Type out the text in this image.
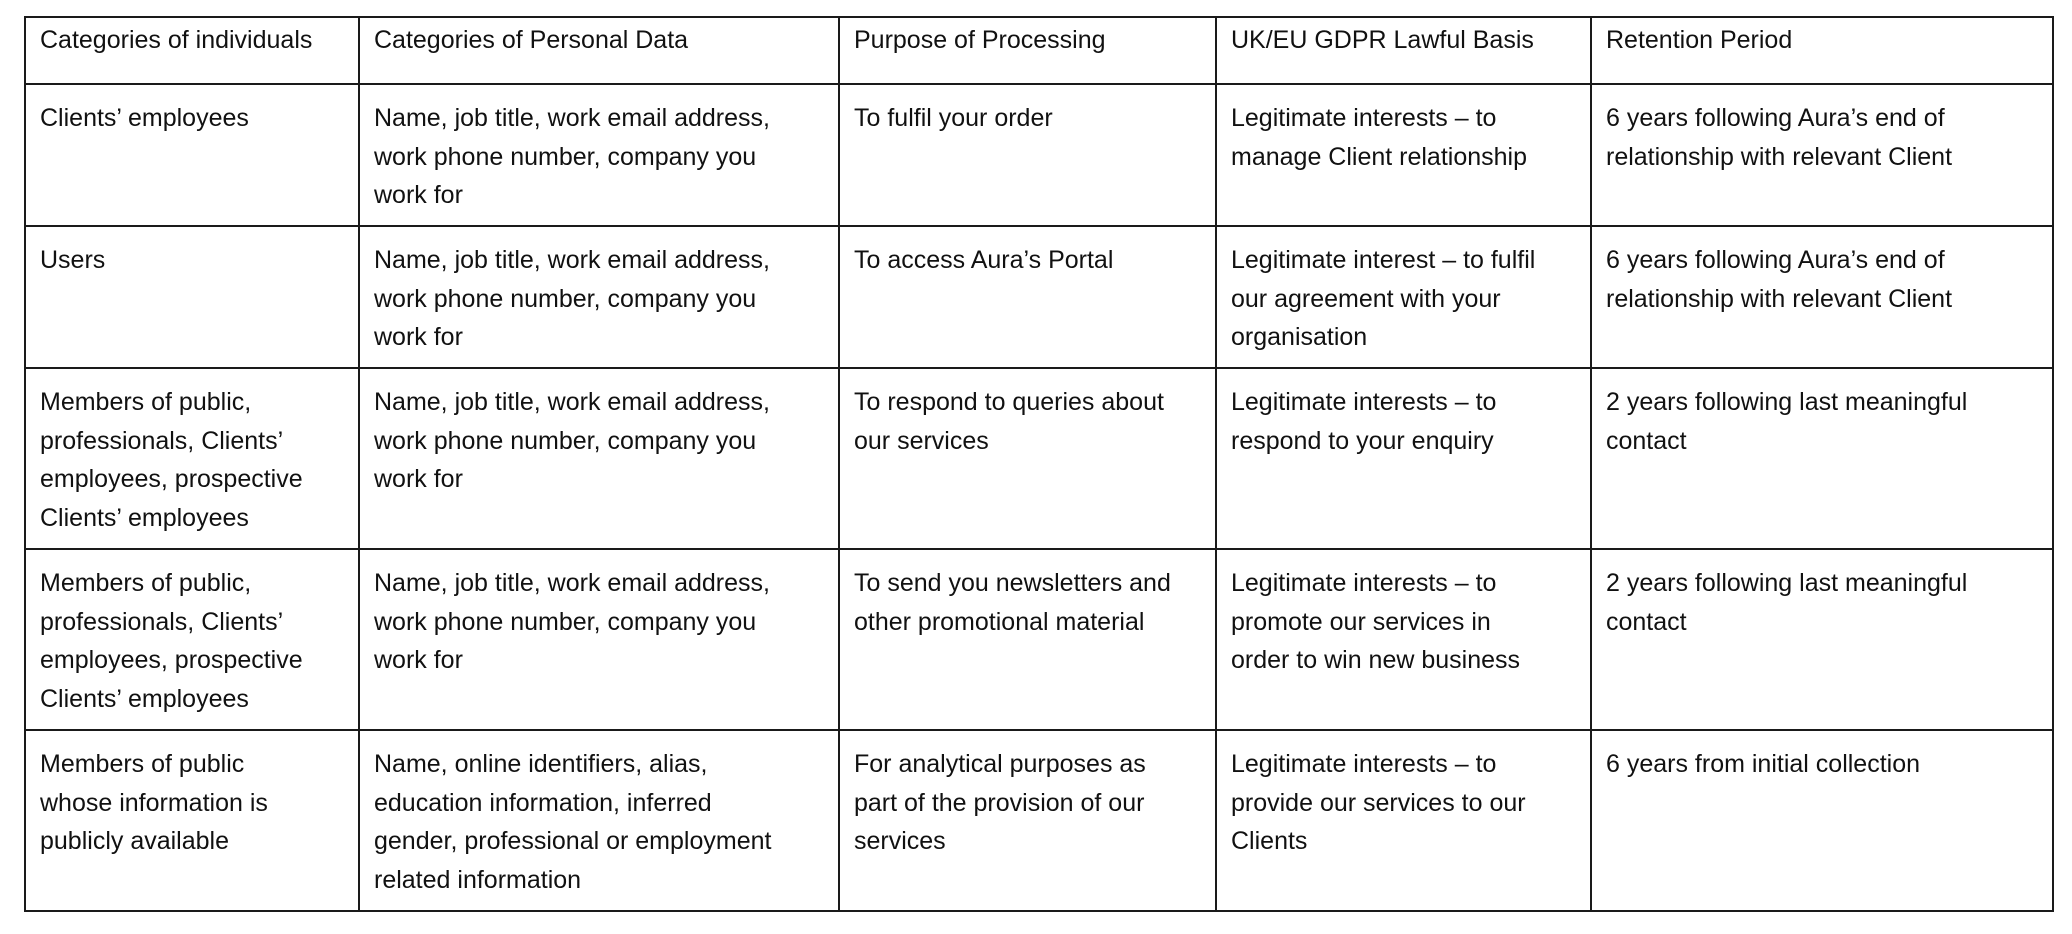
Categories of individuals	Categories of Personal Data	Purpose of Processing	UK/EU GDPR Lawful Basis	Retention Period

Clients’ employees	Name, job title, work email address,
work phone number, company you
work for	To fulfil your order	Legitimate interests – to
manage Client relationship	6 years following Aura’s end of
relationship with relevant Client

Users	Name, job title, work email address,
work phone number, company you
work for	To access Aura’s Portal	Legitimate interest – to fulfil
our agreement with your
organisation	6 years following Aura’s end of
relationship with relevant Client

Members of public,
professionals, Clients’
employees, prospective
Clients’ employees	Name, job title, work email address,
work phone number, company you
work for	To respond to queries about
our services	Legitimate interests – to
respond to your enquiry	2 years following last meaningful
contact

Members of public,
professionals, Clients’
employees, prospective
Clients’ employees	Name, job title, work email address,
work phone number, company you
work for	To send you newsletters and
other promotional material	Legitimate interests – to
promote our services in
order to win new business	2 years following last meaningful
contact

Members of public
whose information is
publicly available	Name, online identifiers, alias,
education information, inferred
gender, professional or employment
related information	For analytical purposes as
part of the provision of our
services	Legitimate interests – to
provide our services to our
Clients	6 years from initial collection
